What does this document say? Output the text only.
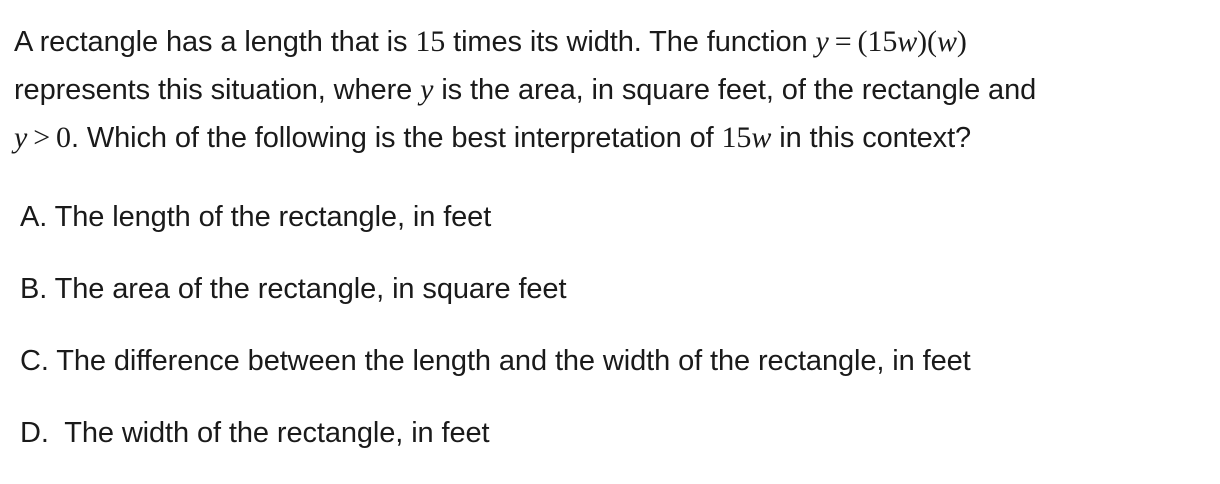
A rectangle has a length that is 15 times its width. The function y = (15w)(w)
represents this situation, where y is the area, in square feet, of the rectangle and
y > 0. Which of the following is the best interpretation of 15w in this context?
A. The length of the rectangle, in feet
B. The area of the rectangle, in square feet
C. The difference between the length and the width of the rectangle, in feet
D.  The width of the rectangle, in feet
